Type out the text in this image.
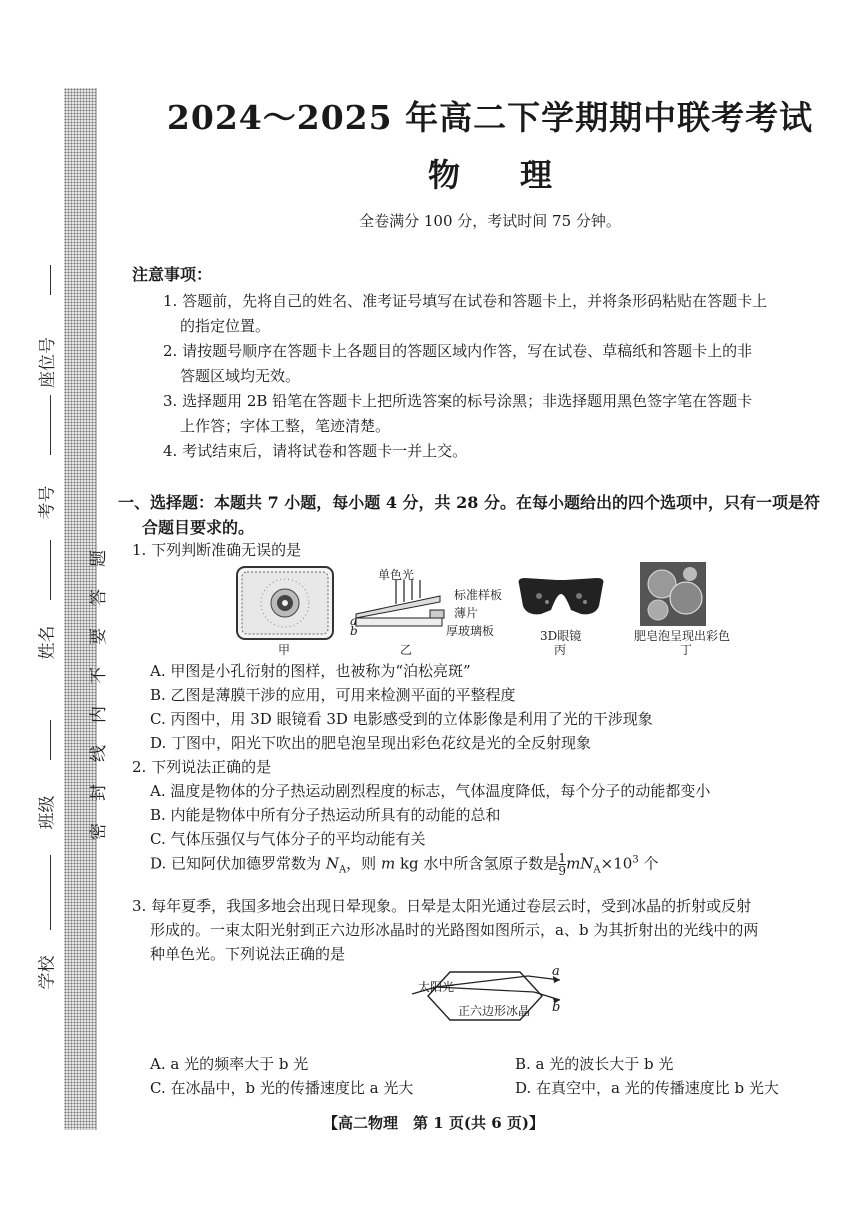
座位号
考号
姓名
班级
学校
密封线内不要答题
2024～2025 年高二下学期期中联考考试
物理
全卷满分 100 分，考试时间 75 分钟。
注意事项：
1. 答题前，先将自己的姓名、准考证号填写在试卷和答题卡上，并将条形码粘贴在答题卡上
的指定位置。
2. 请按题号顺序在答题卡上各题目的答题区域内作答，写在试卷、草稿纸和答题卡上的非
答题区域均无效。
3. 选择题用 2B 铅笔在答题卡上把所选答案的标号涂黑；非选择题用黑色签字笔在答题卡
上作答；字体工整，笔迹清楚。
4. 考试结束后，请将试卷和答题卡一并上交。
一、选择题：本题共 7 小题，每小题 4 分，共 28 分。在每小题给出的四个选项中，只有一项是符
合题目要求的。
1. 下列判断准确无误的是
甲
单色光
标准样板
薄片
厚玻璃板
a
b
乙
3D眼镜
丙
肥皂泡呈现出彩色
丁
A. 甲图是小孔衍射的图样，也被称为“泊松亮斑”
B. 乙图是薄膜干涉的应用，可用来检测平面的平整程度
C. 丙图中，用 3D 眼镜看 3D 电影感受到的立体影像是利用了光的干涉现象
D. 丁图中，阳光下吹出的肥皂泡呈现出彩色花纹是光的全反射现象
2. 下列说法正确的是
A. 温度是物体的分子热运动剧烈程度的标志，气体温度降低，每个分子的动能都变小
B. 内能是物体中所有分子热运动所具有的动能的总和
C. 气体压强仅与气体分子的平均动能有关
D. 已知阿伏加德罗常数为 $N_A$，则 m kg 水中所含氢原子数是 $\frac{1}{9} mN_A\times 10^3$ 个
3. 每年夏季，我国多地会出现日晕现象。日晕是太阳光通过卷层云时，受到冰晶的折射或反射
形成的。一束太阳光射到正六边形冰晶时的光路图如图所示，a、b 为其折射出的光线中的两
种单色光。下列说法正确的是
太阳光
正六边形冰晶
a
b
A. a 光的频率大于 b 光	B. a 光的波长大于 b 光
C. 在冰晶中，b 光的传播速度比 a 光大	D. 在真空中，a 光的传播速度比 b 光大
【高二物理　第 1 页(共 6 页)】
